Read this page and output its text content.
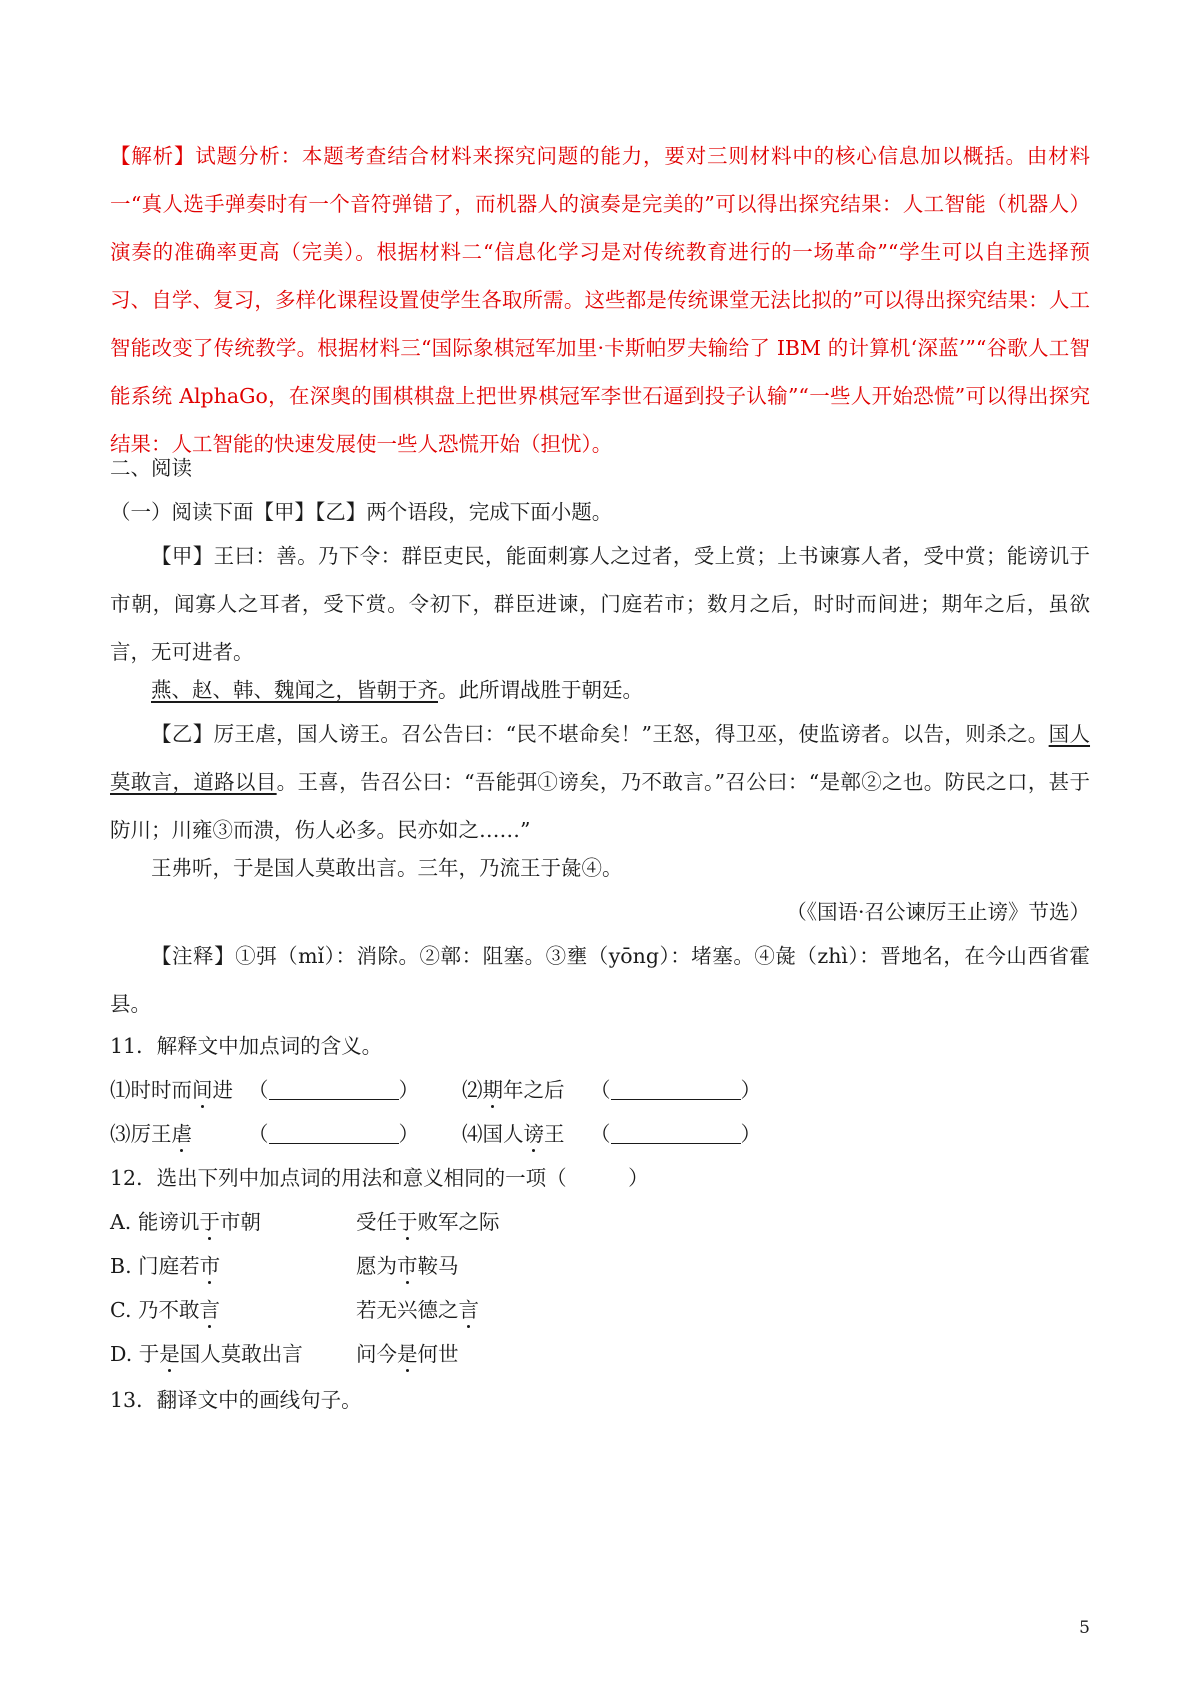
【解析】试题分析：本题考查结合材料来探究问题的能力，要对三则材料中的核心信息加以概括。由材料一“真人选手弹奏时有一个音符弹错了，而机器人的演奏是完美的”可以得出探究结果：人工智能（机器人）演奏的准确率更高（完美）。根据材料二“信息化学习是对传统教育进行的一场革命”“学生可以自主选择预习、自学、复习，多样化课程设置使学生各取所需。这些都是传统课堂无法比拟的”可以得出探究结果：人工智能改变了传统教学。根据材料三“国际象棋冠军加里·卡斯帕罗夫输给了 IBM 的计算机‘深蓝’”“谷歌人工智能系统 AlphaGo，在深奥的围棋棋盘上把世界棋冠军李世石逼到投子认输”“一些人开始恐慌”可以得出探究结果：人工智能的快速发展使一些人恐慌开始（担忧）。

二、阅读
（一）阅读下面【甲】【乙】两个语段，完成下面小题。

【甲】王曰：善。乃下令：群臣吏民，能面刺寡人之过者，受上赏；上书谏寡人者，受中赏；能谤讥于市朝，闻寡人之耳者，受下赏。令初下，群臣进谏，门庭若市；数月之后，时时而间进；期年之后，虽欲言，无可进者。

燕、赵、韩、魏闻之，皆朝于齐。此所谓战胜于朝廷。

【乙】厉王虐，国人谤王。召公告曰：“民不堪命矣！”王怒，得卫巫，使监谤者。以告，则杀之。国人莫敢言，道路以目。王喜，告召公曰：“吾能弭①谤矣，乃不敢言。”召公曰：“是鄣②之也。防民之口，甚于防川；川雍③而溃，伤人必多。民亦如之……”

王弗听，于是国人莫敢出言。三年，乃流王于彘④。

（《国语·召公谏厉王止谤》节选）

【注释】①弭（mǐ）：消除。②鄣：阻塞。③壅（yōng）：堵塞。④彘（zhì）：晋地名，在今山西省霍县。

11．解释文中加点词的含义。
⑴时时而间进 （	） ⑵期年之后 （	）
⑶厉王虐	（	） ⑷国人谤王 （	）
12．选出下列中加点词的用法和意义相同的一项（　　　）
A. 能谤讥于市朝	受任于败军之际
B. 门庭若市	愿为市鞍马
C. 乃不敢言	若无兴德之言
D. 于是国人莫敢出言	问今是何世
13．翻译文中的画线句子。
5
